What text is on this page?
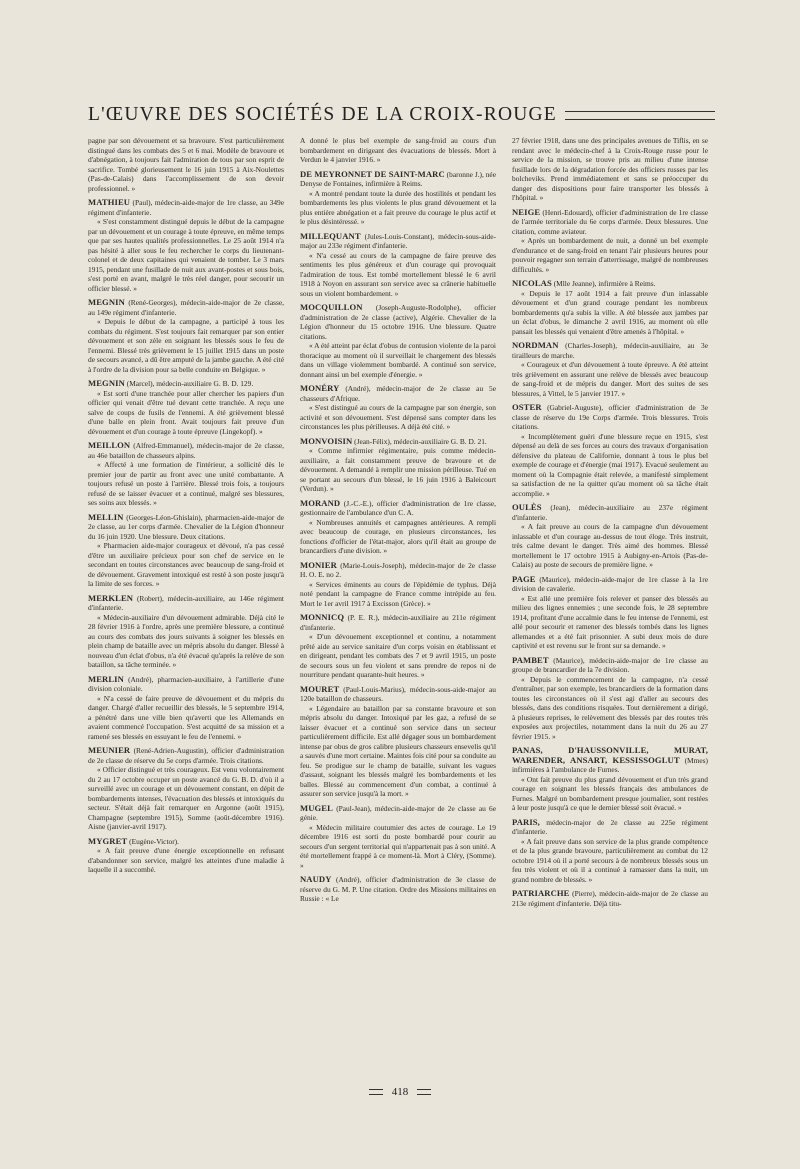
L'ŒUVRE DES SOCIÉTÉS DE LA CROIX-ROUGE

pagne par son dévouement et sa bravoure. S'est particulièrement distingué dans les combats des 5 et 6 mai. Modèle de bravoure et d'abnégation, à toujours fait l'admiration de tous par son esprit de sacrifice. Tombé glorieusement le 16 juin 1915 à Aix-Noulettes (Pas-de-Calais) dans l'accomplissement de son devoir professionnel. »

MATHIEU (Paul), médecin-aide-major de 1re classe, au 349e régiment d'infanterie.

« S'est constamment distingué depuis le début de la campagne par un dévouement et un courage à toute épreuve, en même temps que par ses hautes qualités professionnelles. Le 25 août 1914 n'a pas hésité à aller sous le feu rechercher le corps du lieutenant-colonel et de deux capitaines qui venaient de tomber. Le 3 mars 1915, pendant une fusillade de nuit aux avant-postes et sous bois, s'est porté en avant, malgré le très réel danger, pour secourir un officier blessé. »

MEGNIN (René-Georges), médecin-aide-major de 2e classe, au 149e régiment d'infanterie.

« Depuis le début de la campagne, a participé à tous les combats du régiment. S'est toujours fait remarquer par son entier dévouement et son zèle en soignant les blessés sous le feu de l'ennemi. Blessé très grièvement le 15 juillet 1915 dans un poste de secours avancé, a dû être amputé de la jambe gauche. A été cité à l'ordre de la division pour sa belle conduite en Belgique. »

MEGNIN (Marcel), médecin-auxiliaire G. B. D. 129.

« Est sorti d'une tranchée pour aller chercher les papiers d'un officier qui venait d'être tué devant cette tranchée. A reçu une salve de coups de fusils de l'ennemi. A été grièvement blessé d'une balle en plein front. Avait toujours fait preuve d'un dévouement et d'un courage à toute épreuve (Lingekopf). »

MEILLON (Alfred-Emmanuel), médecin-major de 2e classe, au 46e bataillon de chasseurs alpins.

« Affecté à une formation de l'intérieur, a sollicité dès le premier jour de partir au front avec une unité combattante. A toujours refusé un poste à l'arrière. Blessé trois fois, a toujours refusé de se laisser évacuer et a continué, malgré ses blessures, ses soins aux blessés. »

MELLIN (Georges-Léon-Ghislain), pharmacien-aide-major de 2e classe, au 1er corps d'armée. Chevalier de la Légion d'honneur du 16 juin 1920. Une blessure. Deux citations.

« Pharmacien aide-major courageux et dévoué, n'a pas cessé d'être un auxiliaire précieux pour son chef de service en le secondant en toutes circonstances avec beaucoup de sang-froid et de dévouement. Gravement intoxiqué est resté à son poste jusqu'à la limite de ses forces. »

MERKLEN (Robert), médecin-auxiliaire, au 146e régiment d'infanterie.

« Médecin-auxiliaire d'un dévouement admirable. Déjà cité le 28 février 1916 à l'ordre, après une première blessure, a continué au cours des combats des jours suivants à soigner les blessés en plein champ de bataille avec un mépris absolu du danger. Blessé à nouveau d'un éclat d'obus, n'a été évacué qu'après la relève de son bataillon, sa tâche terminée. »

MERLIN (André), pharmacien-auxiliaire, à l'artillerie d'une division coloniale.

« N'a cessé de faire preuve de dévouement et du mépris du danger. Chargé d'aller recueillir des blessés, le 5 septembre 1914, a pénétré dans une ville bien qu'averti que les Allemands en avaient commencé l'occupation. S'est acquitté de sa mission et a ramené ses blessés en essuyant le feu de l'ennemi. »

MEUNIER (René-Adrien-Augustin), officier d'administration de 2e classe de réserve du 5e corps d'armée. Trois citations.

« Officier distingué et très courageux. Est venu volontairement du 2 au 17 octobre occuper un poste avancé du G. B. D. d'où il a surveillé avec un courage et un dévouement constant, en dépit de bombardements intenses, l'évacuation des blessés et intoxiqués du secteur. S'était déjà fait remarquer en Argonne (août 1915), Champagne (septembre 1915), Somme (août-décembre 1916). Aisne (janvier-avril 1917).

MYGRET (Eugène-Victor).

« A fait preuve d'une énergie exceptionnelle en refusant d'abandonner son service, malgré les atteintes d'une maladie à laquelle il a succombé.

A donné le plus bel exemple de sang-froid au cours d'un bombardement en dirigeant des évacuations de blessés. Mort à Verdun le 4 janvier 1916. »

DE MEYRONNET DE SAINT-MARC (baronne J.), née Denyse de Fontaines, infirmière à Reims.

« A montré pendant toute la durée des hostilités et pendant les bombardements les plus violents le plus grand dévouement et la plus entière abnégation et a fait preuve du courage le plus actif et le plus désintéressé. »

MILLEQUANT (Jules-Louis-Constant), médecin-sous-aide-major au 233e régiment d'infanterie.

« N'a cessé au cours de la campagne de faire preuve des sentiments les plus généreux et d'un courage qui provoquait l'admiration de tous. Est tombé mortellement blessé le 6 avril 1918 à Noyon en assurant son service avec sa crânerie habituelle sous un violent bombardement. »

MOCQUILLON (Joseph-Auguste-Rodolphe), officier d'administration de 2e classe (active), Algérie. Chevalier de la Légion d'honneur du 15 octobre 1916. Une blessure. Quatre citations.

« A été atteint par éclat d'obus de contusion violente de la paroi thoracique au moment où il surveillait le chargement des blessés dans un village violemment bombardé. A continué son service, donnant ainsi un bel exemple d'énergie. »

MONÉRY (André), médecin-major de 2e classe au 5e chasseurs d'Afrique.

« S'est distingué au cours de la campagne par son énergie, son activité et son dévouement. S'est dépensé sans compter dans les circonstances les plus périlleuses. A déjà été cité. »

MONVOISIN (Jean-Félix), médecin-auxiliaire G. B. D. 21.

« Comme infirmier régimentaire, puis comme médecin-auxiliaire, a fait constamment preuve de bravoure et de dévouement. A demandé à remplir une mission périlleuse. Tué en se portant au secours d'un blessé, le 16 juin 1916 à Baleicourt (Verdun). »

MORAND (J.-C.-E.), officier d'administration de 1re classe, gestionnaire de l'ambulance d'un C. A.

« Nombreuses annuités et campagnes antérieures. A rempli avec beaucoup de courage, en plusieurs circonstances, les fonctions d'officier de l'état-major, alors qu'il était au groupe de brancardiers d'une division. »

MONIER (Marie-Louis-Joseph), médecin-major de 2e classe H. O. E. no 2.

« Services éminents au cours de l'épidémie de typhus. Déjà noté pendant la campagne de France comme intrépide au feu. Mort le 1er avril 1917 à Excisson (Grèce). »

MONNICQ (P. E. R.), médecin-auxiliaire au 211e régiment d'infanterie.

« D'un dévouement exceptionnel et continu, a notamment prêté aide au service sanitaire d'un corps voisin en établissant et en dirigeant, pendant les combats des 7 et 9 avril 1915, un poste de secours sous un feu violent et sans prendre de repos ni de nourriture pendant quarante-huit heures. »

MOURET (Paul-Louis-Marius), médecin-sous-aide-major au 120e bataillon de chasseurs.

« Légendaire au bataillon par sa constante bravoure et son mépris absolu du danger. Intoxiqué par les gaz, a refusé de se laisser évacuer et a continué son service dans un secteur particulièrement difficile. Est allé dégager sous un bombardement intense par obus de gros calibre plusieurs chasseurs ensevelis qu'il a sauvés d'une mort certaine. Maintes fois cité pour sa conduite au feu. Se prodigue sur le champ de bataille, suivant les vagues d'assaut, soignant les blessés malgré les bombardements et les balles. Blessé au commencement d'un combat, a continué à assurer son service jusqu'à la mort. »

MUGEL (Paul-Jean), médecin-aide-major de 2e classe au 6e génie.

« Médecin militaire coutumier des actes de courage. Le 19 décembre 1916 est sorti du poste bombardé pour courir au secours d'un sergent territorial qui n'appartenait pas à son unité. A été mortellement frappé à ce moment-là. Mort à Cléry, (Somme). »

NAUDY (André), officier d'administration de 3e classe de réserve du G. M. P. Une citation. Ordre des Missions militaires en Russie : « Le

27 février 1918, dans une des principales avenues de Tiflis, en se rendant avec le médecin-chef à la Croix-Rouge russe pour le service de la mission, se trouve pris au milieu d'une intense fusillade lors de la dégradation forcée des officiers russes par les bolcheviks. Prend immédiatement et sans se préoccuper du danger des dispositions pour faire transporter les blessés à l'hôpital. »

NEIGE (Henri-Edouard), officier d'administration de 1re classe de l'armée territoriale du 6e corps d'armée. Deux blessures. Une citation, comme aviateur.

« Après un bombardement de nuit, a donné un bel exemple d'endurance et de sang-froid en tenant l'air plusieurs heures pour pouvoir regagner son terrain d'atterrissage, malgré de nombreuses difficultés. »

NICOLAS (Mlle Jeanne), infirmière à Reims.

« Depuis le 17 août 1914 a fait preuve d'un inlassable dévouement et d'un grand courage pendant les nombreux bombardements qu'a subis la ville. A été blessée aux jambes par un éclat d'obus, le dimanche 2 avril 1916, au moment où elle pansait les blessés qui venaient d'être amenés à l'hôpital. »

NORDMAN (Charles-Joseph), médecin-auxiliaire, au 3e tirailleurs de marche.

« Courageux et d'un dévouement à toute épreuve. A été atteint très grièvement en assurant une relève de blessés avec beaucoup de sang-froid et de mépris du danger. Mort des suites de ses blessures, à Vittel, le 5 janvier 1917. »

OSTER (Gabriel-Auguste), officier d'administration de 3e classe de réserve du 19e Corps d'armée. Trois blessures. Trois citations.

« Incomplètement guéri d'une blessure reçue en 1915, s'est dépensé au delà de ses forces au cours des travaux d'organisation défensive du plateau de Californie, donnant à tous le plus bel exemple de courage et d'énergie (mai 1917). Evacué seulement au moment où la Compagnie était relevée, a manifesté simplement sa satisfaction de ne la quitter qu'au moment où sa tâche était accomplie. »

OULÈS (Jean), médecin-auxiliaire au 237e régiment d'infanterie.

« A fait preuve au cours de la campagne d'un dévouement inlassable et d'un courage au-dessus de tout éloge. Très instruit, très calme devant le danger. Très aimé des hommes. Blessé mortellement le 17 octobre 1915 à Aubigny-en-Artois (Pas-de-Calais) au poste de secours de première ligne. »

PAGE (Maurice), médecin-aide-major de 1re classe à la 1re division de cavalerie.

« Est allé une première fois relever et panser des blessés au milieu des lignes ennemies ; une seconde fois, le 28 septembre 1914, profitant d'une accalmie dans le feu intense de l'ennemi, est allé pour secourir et ramener des blessés tombés dans les lignes allemandes et a été fait prisonnier. A subi deux mois de dure captivité et est revenu sur le front sur sa demande. »

PAMBET (Maurice), médecin-aide-major de 1re classe au groupe de brancardier de la 7e division.

« Depuis le commencement de la campagne, n'a cessé d'entraîner, par son exemple, les brancardiers de la formation dans toutes les circonstances où il s'est agi d'aller au secours des blessés, dans des conditions risquées. Tout dernièrement a dirigé, à plusieurs reprises, le relèvement des blessés par des routes très exposées aux projectiles, notamment dans la nuit du 26 au 27 février 1915. »

PANAS, D'HAUSSONVILLE, MURAT, WARENDER, ANSART, KESSISSOGLUT (Mmes) infirmières à l'ambulance de Furnes.

« Ont fait preuve du plus grand dévouement et d'un très grand courage en soignant les blessés français des ambulances de Furnes. Malgré un bombardement presque journalier, sont restées à leur poste jusqu'à ce que le dernier blessé soit évacué. »

PARIS, médecin-major de 2e classe au 225e régiment d'infanterie.

« A fait preuve dans son service de la plus grande compétence et de la plus grande bravoure, particulièrement au combat du 12 octobre 1914 où il a porté secours à de nombreux blessés sous un feu très violent et où il a continué à ramasser dans la nuit, un grand nombre de blessés. »

PATRIARCHE (Pierre), médecin-aide-major de 2e classe au 213e régiment d'infanterie. Déjà titu-

418
